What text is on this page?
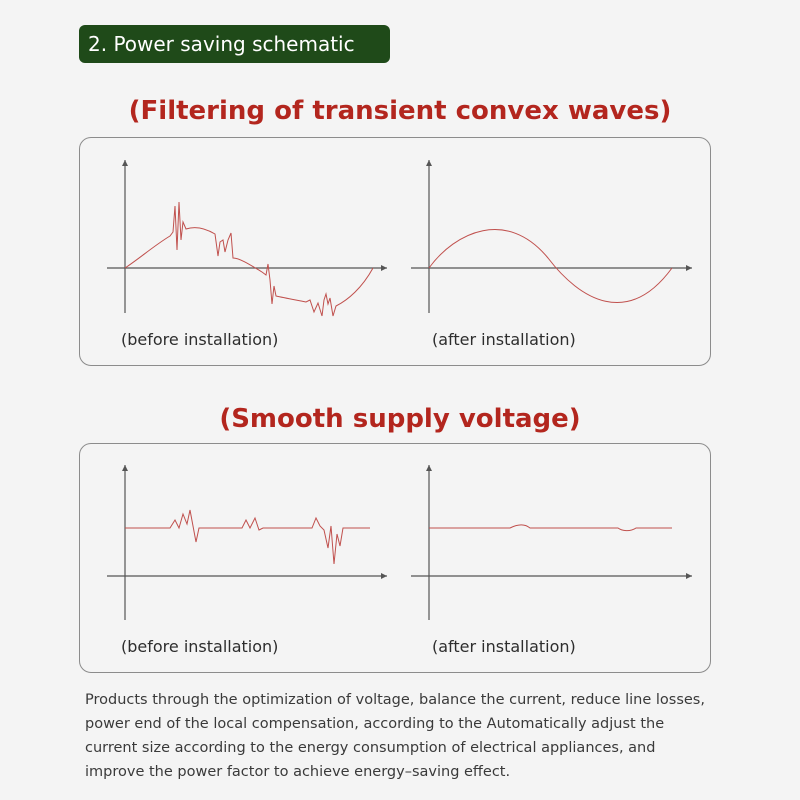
2. Power saving schematic
(Filtering of transient convex waves)
(Smooth supply voltage)
(before installation)	(after installation)
(before installation)	(after installation)

Products through the optimization of voltage, balance the current, reduce line losses,

power end of the local compensation, according to the Automatically adjust the

current size according to the energy consumption of electrical appliances, and

improve the power factor to achieve energy–saving effect.
